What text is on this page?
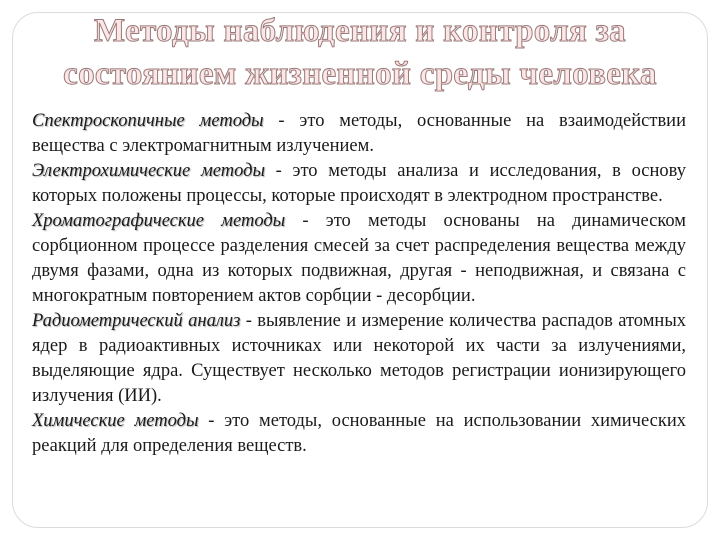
Методы наблюдения и контроля за состоянием жизненной среды человека

Спектроскопичные методы - это методы, основанные на взаимодействии вещества с электромагнитным излучением.

Электрохимические методы - это методы анализа и исследования, в основу которых положены процессы, которые происходят в электродном пространстве.

Хроматографические методы - это методы основаны на динамическом сорбционном процессе разделения смесей за счет распределения вещества между двумя фазами, одна из которых подвижная, другая - неподвижная, и связана с многократным повторением актов сорбции - десорбции.

Радиометрический анализ - выявление и измерение количества распадов атомных ядер в радиоактивных источниках или некоторой их части за излучениями, выделяющие ядра. Существует несколько методов регистрации ионизирующего излучения (ИИ).

Химические методы - это методы, основанные на использовании химических реакций для определения веществ.
